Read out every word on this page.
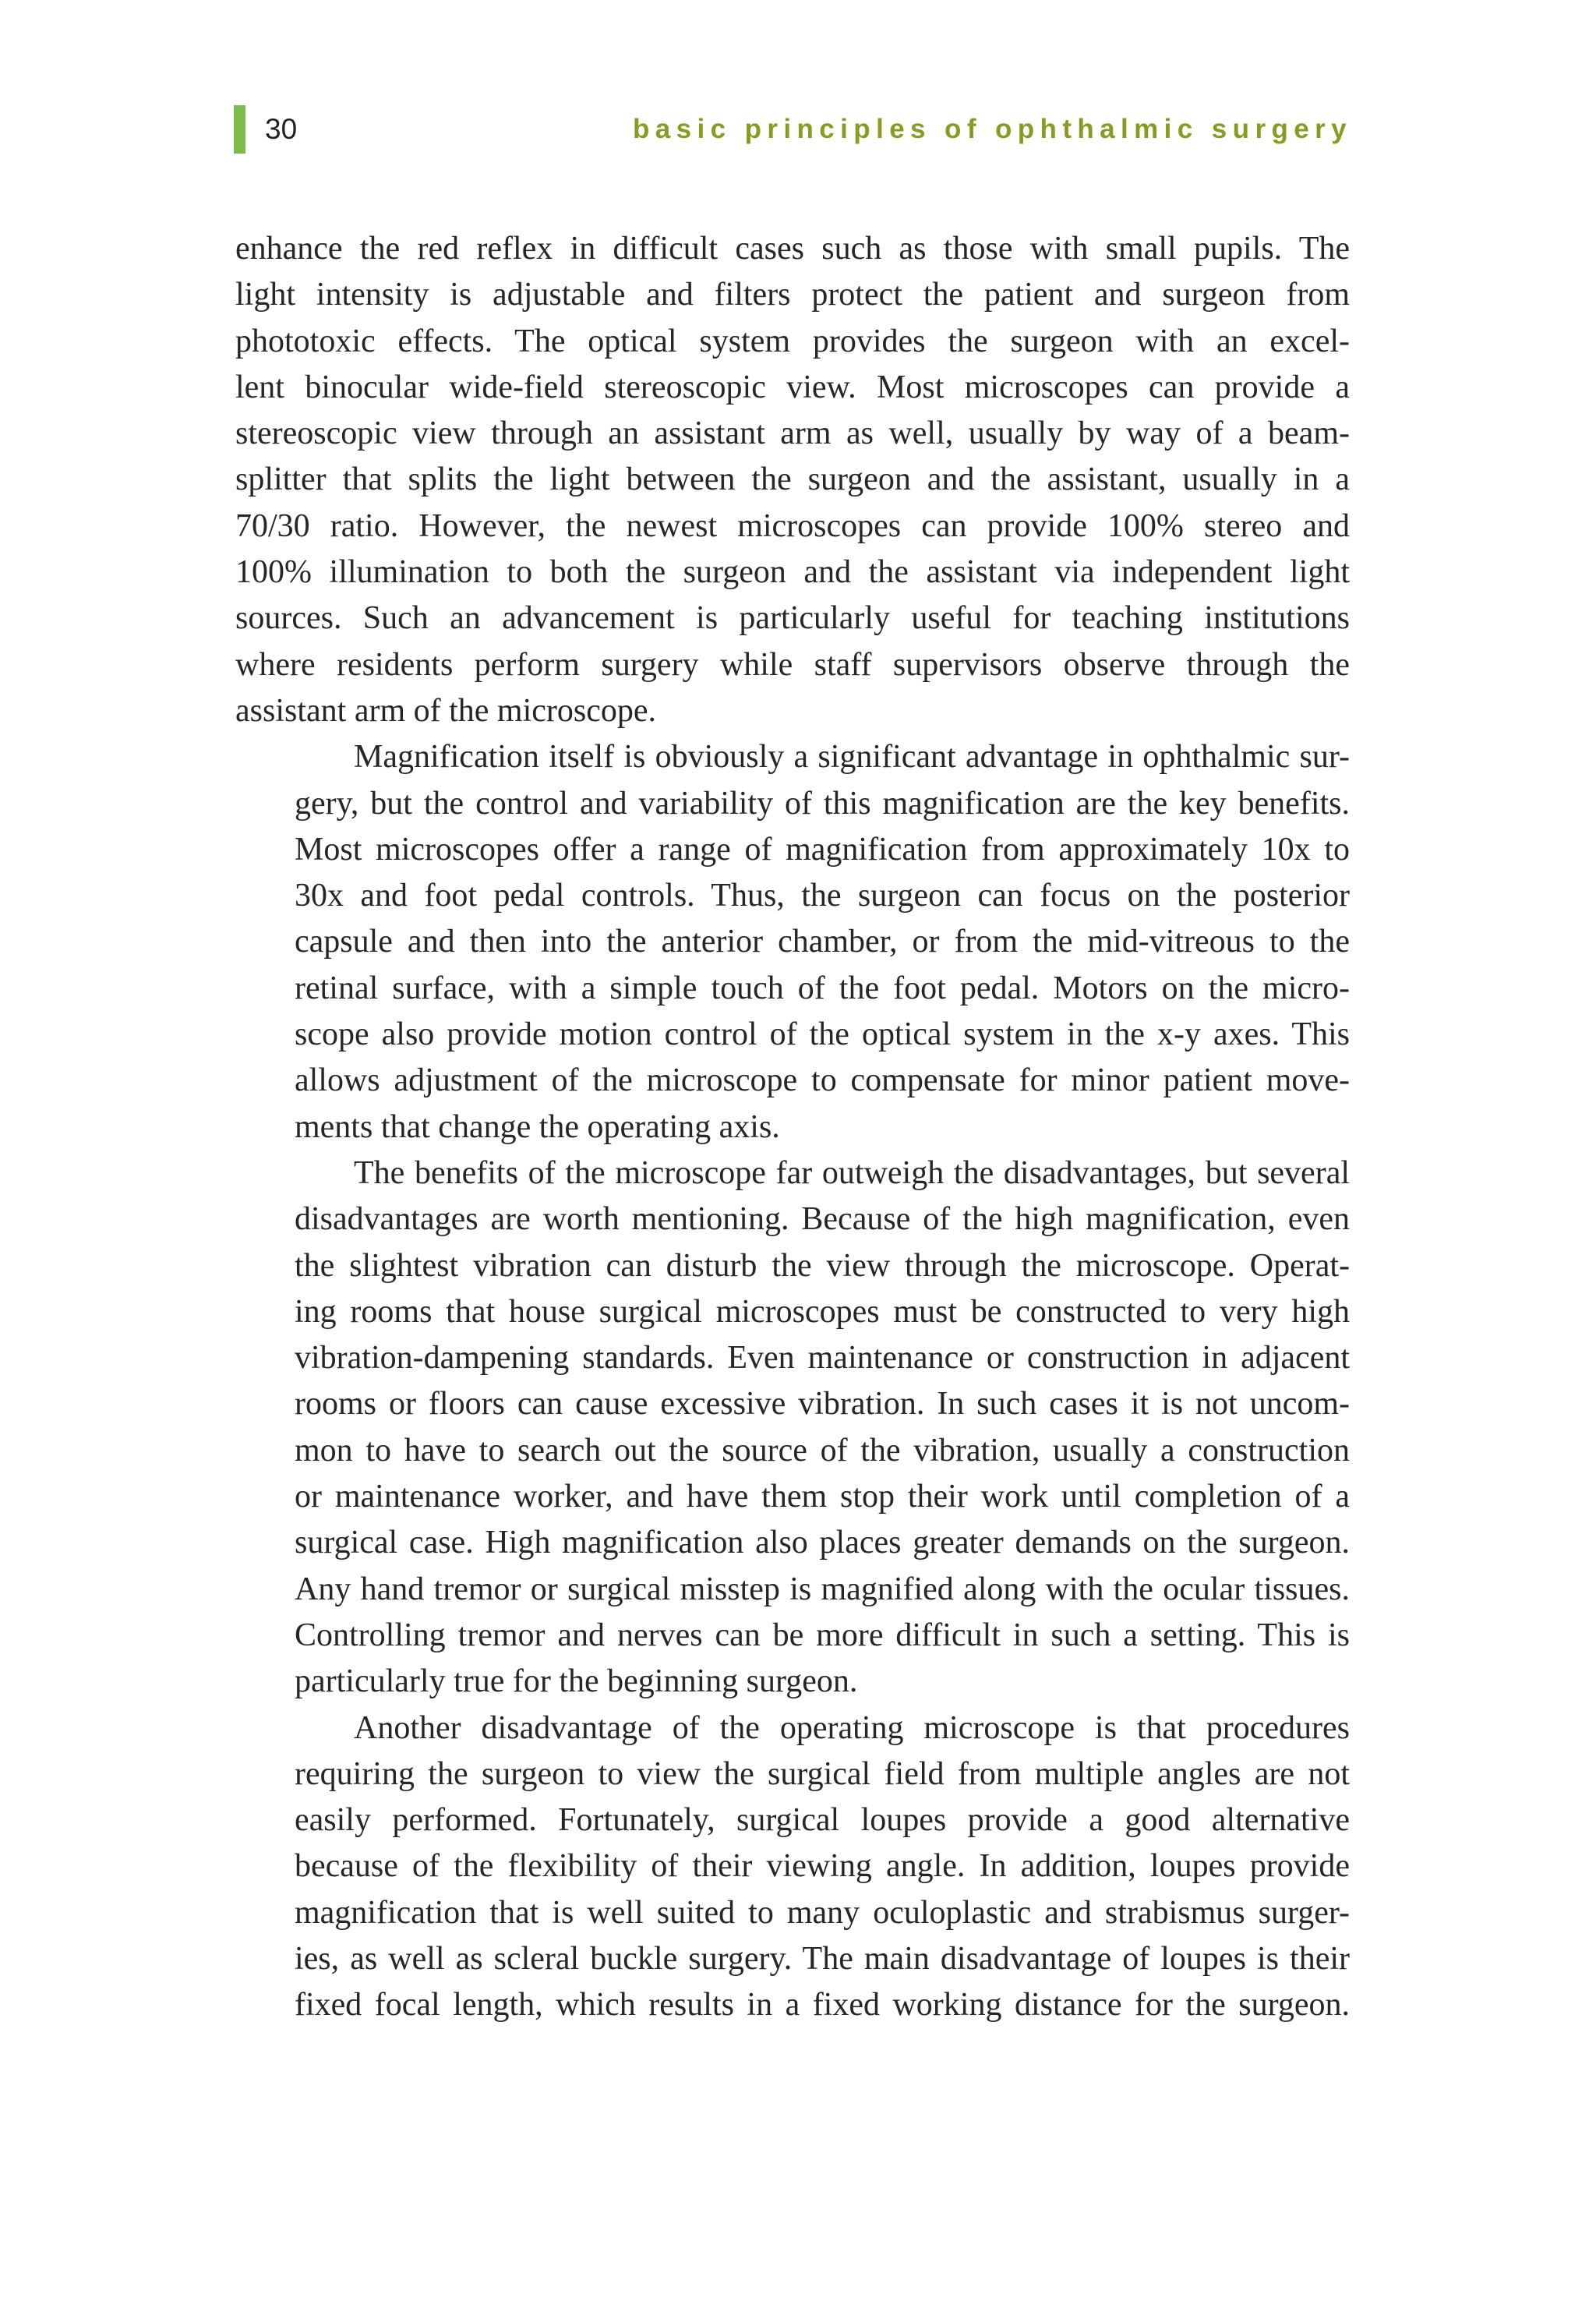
30	basic principles of ophthalmic surgery
enhance the red reflex in difficult cases such as those with small pupils. The
light intensity is adjustable and filters protect the patient and surgeon from
phototoxic effects. The optical system provides the surgeon with an excel-
lent binocular wide-field stereoscopic view. Most microscopes can provide a
stereoscopic view through an assistant arm as well, usually by way of a beam-
splitter that splits the light between the surgeon and the assistant, usually in a
70/30 ratio. However, the newest microscopes can provide 100% stereo and
100% illumination to both the surgeon and the assistant via independent light
sources. Such an advancement is particularly useful for teaching institutions
where residents perform surgery while staff supervisors observe through the
assistant arm of the microscope.
Magnification itself is obviously a significant advantage in ophthalmic sur-
gery, but the control and variability of this magnification are the key benefits.
Most microscopes offer a range of magnification from approximately 10x to
30x and foot pedal controls. Thus, the surgeon can focus on the posterior
capsule and then into the anterior chamber, or from the mid-vitreous to the
retinal surface, with a simple touch of the foot pedal. Motors on the micro-
scope also provide motion control of the optical system in the x-y axes. This
allows adjustment of the microscope to compensate for minor patient move-
ments that change the operating axis.
The benefits of the microscope far outweigh the disadvantages, but several
disadvantages are worth mentioning. Because of the high magnification, even
the slightest vibration can disturb the view through the microscope. Operat-
ing rooms that house surgical microscopes must be constructed to very high
vibration-dampening standards. Even maintenance or construction in adjacent
rooms or floors can cause excessive vibration. In such cases it is not uncom-
mon to have to search out the source of the vibration, usually a construction
or maintenance worker, and have them stop their work until completion of a
surgical case. High magnification also places greater demands on the surgeon.
Any hand tremor or surgical misstep is magnified along with the ocular tissues.
Controlling tremor and nerves can be more difficult in such a setting. This is
particularly true for the beginning surgeon.
Another disadvantage of the operating microscope is that procedures
requiring the surgeon to view the surgical field from multiple angles are not
easily performed. Fortunately, surgical loupes provide a good alternative
because of the flexibility of their viewing angle. In addition, loupes provide
magnification that is well suited to many oculoplastic and strabismus surger-
ies, as well as scleral buckle surgery. The main disadvantage of loupes is their
fixed focal length, which results in a fixed working distance for the surgeon.
